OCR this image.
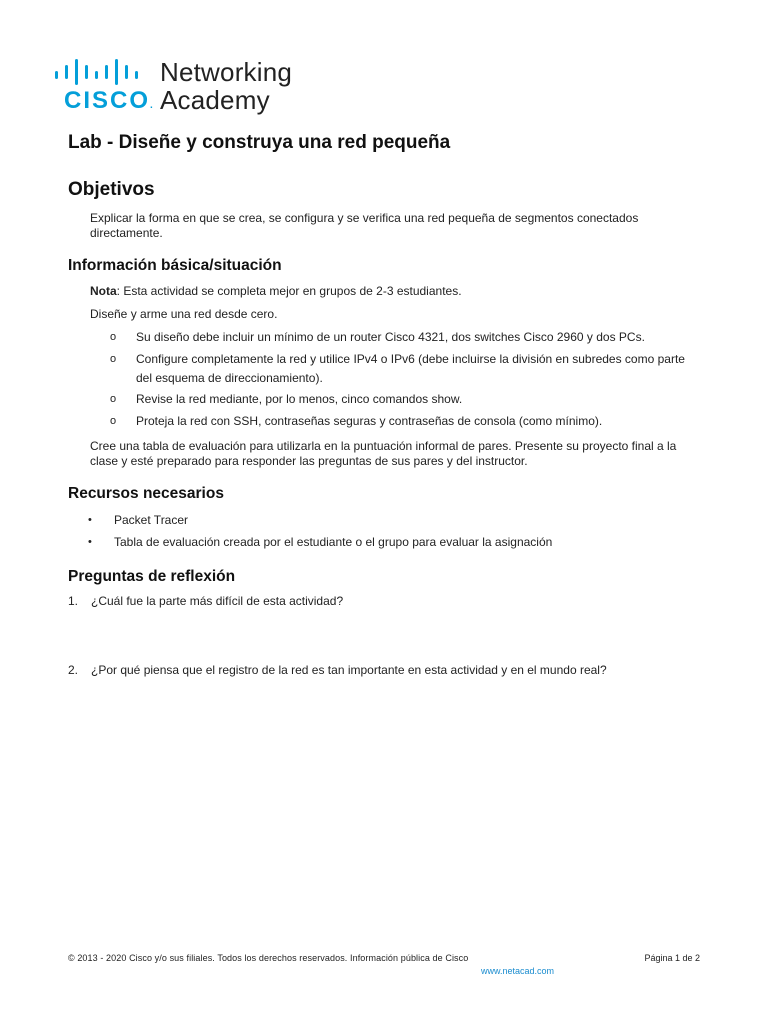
CISCO.
Networking
Academy
Lab - Diseñe y construya una red pequeña
Objetivos

Explicar la forma en que se crea, se configura y se verifica una red pequeña de segmentos conectados directamente.

Información básica/situación

Nota: Esta actividad se completa mejor en grupos de 2-3 estudiantes.

Diseñe y arme una red desde cero.

o Su diseño debe incluir un mínimo de un router Cisco 4321, dos switches Cisco 2960 y dos PCs.
o Configure completamente la red y utilice IPv4 o IPv6 (debe incluirse la división en subredes como parte del esquema de direccionamiento).
o Revise la red mediante, por lo menos, cinco comandos show.
o Proteja la red con SSH, contraseñas seguras y contraseñas de consola (como mínimo).

Cree una tabla de evaluación para utilizarla en la puntuación informal de pares. Presente su proyecto final a la clase y esté preparado para responder las preguntas de sus pares y del instructor.

Recursos necesarios
• Packet Tracer
• Tabla de evaluación creada por el estudiante o el grupo para evaluar la asignación
Preguntas de reflexión
1. ¿Cuál fue la parte más difícil de esta actividad?
2. ¿Por qué piensa que el registro de la red es tan importante en esta actividad y en el mundo real?
© 2013 - 2020 Cisco y/o sus filiales. Todos los derechos reservados. Información pública de Cisco	Página 1 de 2
www.netacad.com
